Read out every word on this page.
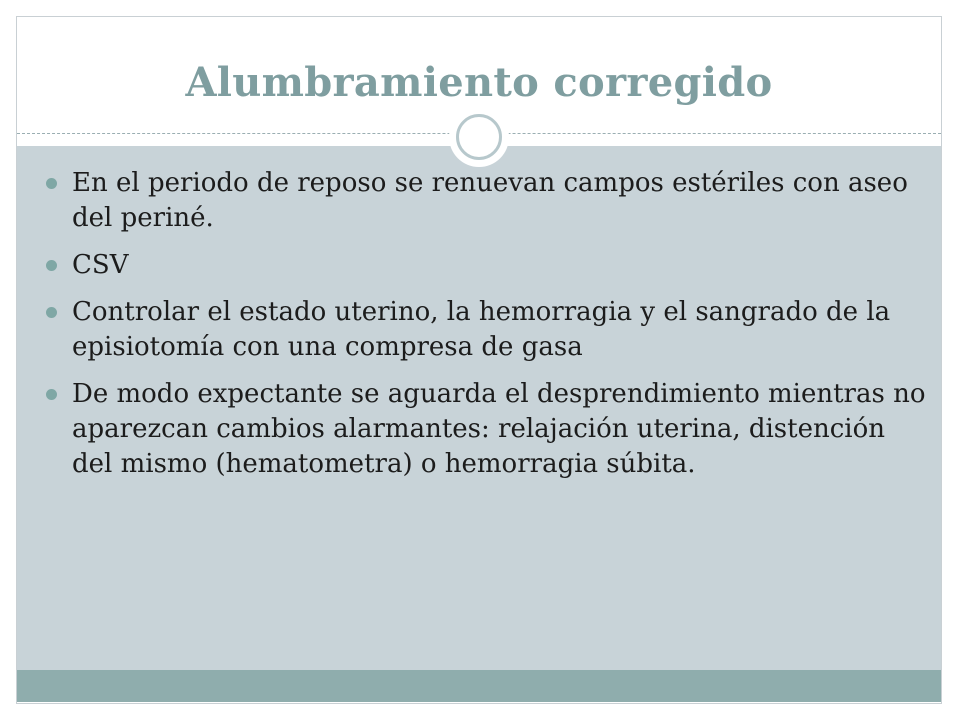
Alumbramiento corregido
En el periodo de reposo se renuevan campos estériles con aseo del periné.
CSV
Controlar el estado uterino, la hemorragia y el sangrado de la episiotomía con una compresa de gasa
De modo expectante se aguarda el desprendimiento mientras no aparezcan cambios alarmantes: relajación uterina, distención del mismo (hematometra) o hemorragia súbita.
